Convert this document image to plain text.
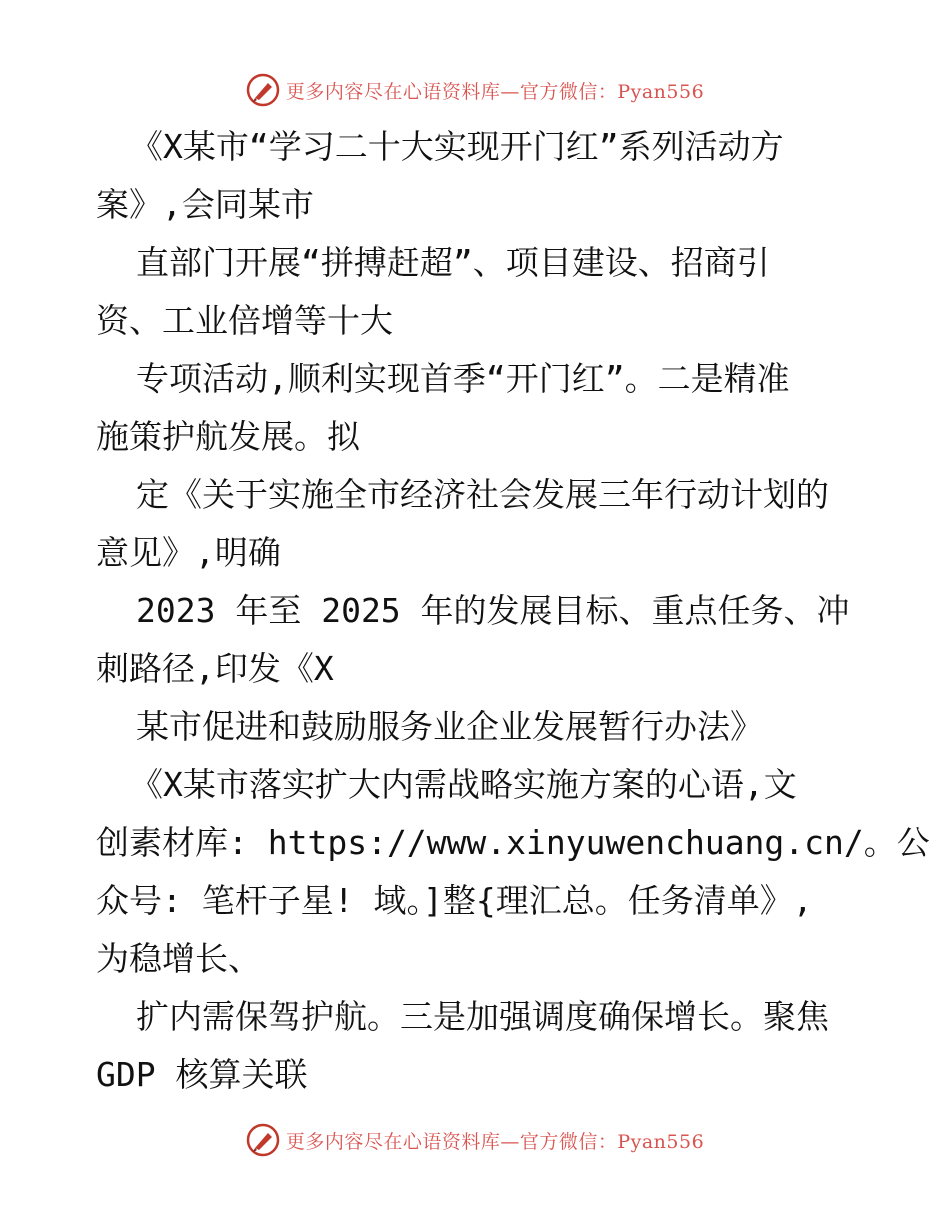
更多内容尽在心语资料库—官方微信：Pyan556
《X某市“学习二十大实现开门红”系列活动方
案》,会同某市
直部门开展“拼搏赶超”、项目建设、招商引
资、工业倍增等十大
专项活动,顺利实现首季“开门红”。二是精准
施策护航发展。拟
定《关于实施全市经济社会发展三年行动计划的
意见》,明确
2023 年至 2025 年的发展目标、重点任务、冲
刺路径,印发《X
某市促进和鼓励服务业企业发展暂行办法》
《X某市落实扩大内需战略实施方案的心语,文
创素材库: https://www.xinyuwenchuang.cn/。公
众号: 笔杆子星! 域。]整{理汇总。任务清单》,
为稳增长、
扩内需保驾护航。三是加强调度确保增长。聚焦
GDP 核算关联
更多内容尽在心语资料库—官方微信：Pyan556
